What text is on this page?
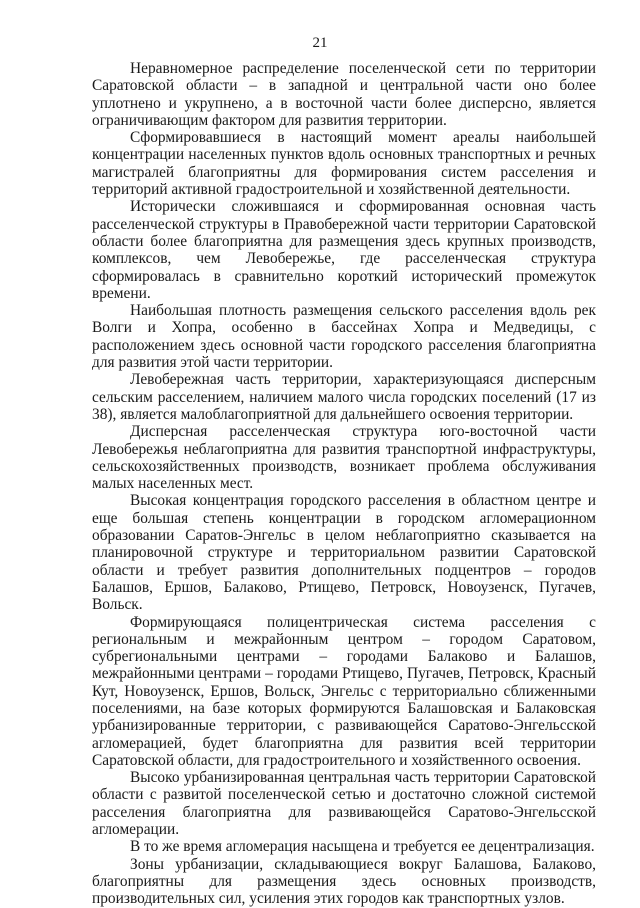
21

Неравномерное распределение поселенческой сети по территории Саратовской области – в западной и центральной части оно более уплотнено и укрупнено, а в восточной части более дисперсно, является ограничивающим фактором для развития территории.

Сформировавшиеся в настоящий момент ареалы наибольшей концентрации населенных пунктов вдоль основных транспортных и речных магистралей благоприятны для формирования систем расселения и территорий активной градостроительной и хозяйственной деятельности.

Исторически сложившаяся и сформированная основная часть расселенческой структуры в Правобережной части территории Саратовской области более благоприятна для размещения здесь крупных производств, комплексов, чем Левобережье, где расселенческая структура сформировалась в сравнительно короткий исторический промежуток времени.

Наибольшая плотность размещения сельского расселения вдоль рек Волги и Хопра, особенно в бассейнах Хопра и Медведицы, с расположением здесь основной части городского расселения благоприятна для развития этой части территории.

Левобережная часть территории, характеризующаяся дисперсным сельским расселением, наличием малого числа городских поселений (17 из 38), является малоблагоприятной для дальнейшего освоения территории.

Дисперсная расселенческая структура юго-восточной части Левобережья неблагоприятна для развития транспортной инфраструктуры, сельскохозяйственных производств, возникает проблема обслуживания малых населенных мест.

Высокая концентрация городского расселения в областном центре и еще большая степень концентрации в городском агломерационном образовании Саратов-Энгельс в целом неблагоприятно сказывается на планировочной структуре и территориальном развитии Саратовской области и требует развития дополнительных подцентров – городов Балашов, Ершов, Балаково, Ртищево, Петровск, Новоузенск, Пугачев, Вольск.

Формирующаяся полицентрическая система расселения с региональным и межрайонным центром – городом Саратовом, субрегиональными центрами – городами Балаково и Балашов, межрайонными центрами – городами Ртищево, Пугачев, Петровск, Красный Кут, Новоузенск, Ершов, Вольск, Энгельс с территориально сближенными поселениями, на базе которых формируются Балашовская и Балаковская урбанизированные территории, с развивающейся Саратово-Энгельсской агломерацией, будет благоприятна для развития всей территории Саратовской области, для градостроительного и хозяйственного освоения.

Высоко урбанизированная центральная часть территории Саратовской области с развитой поселенческой сетью и достаточно сложной системой расселения благоприятна для развивающейся Саратово-Энгельсской агломерации.

В то же время агломерация насыщена и требуется ее децентрализация.

Зоны урбанизации, складывающиеся вокруг Балашова, Балаково, благоприятны для размещения здесь основных производств, производительных сил, усиления этих городов как транспортных узлов.
